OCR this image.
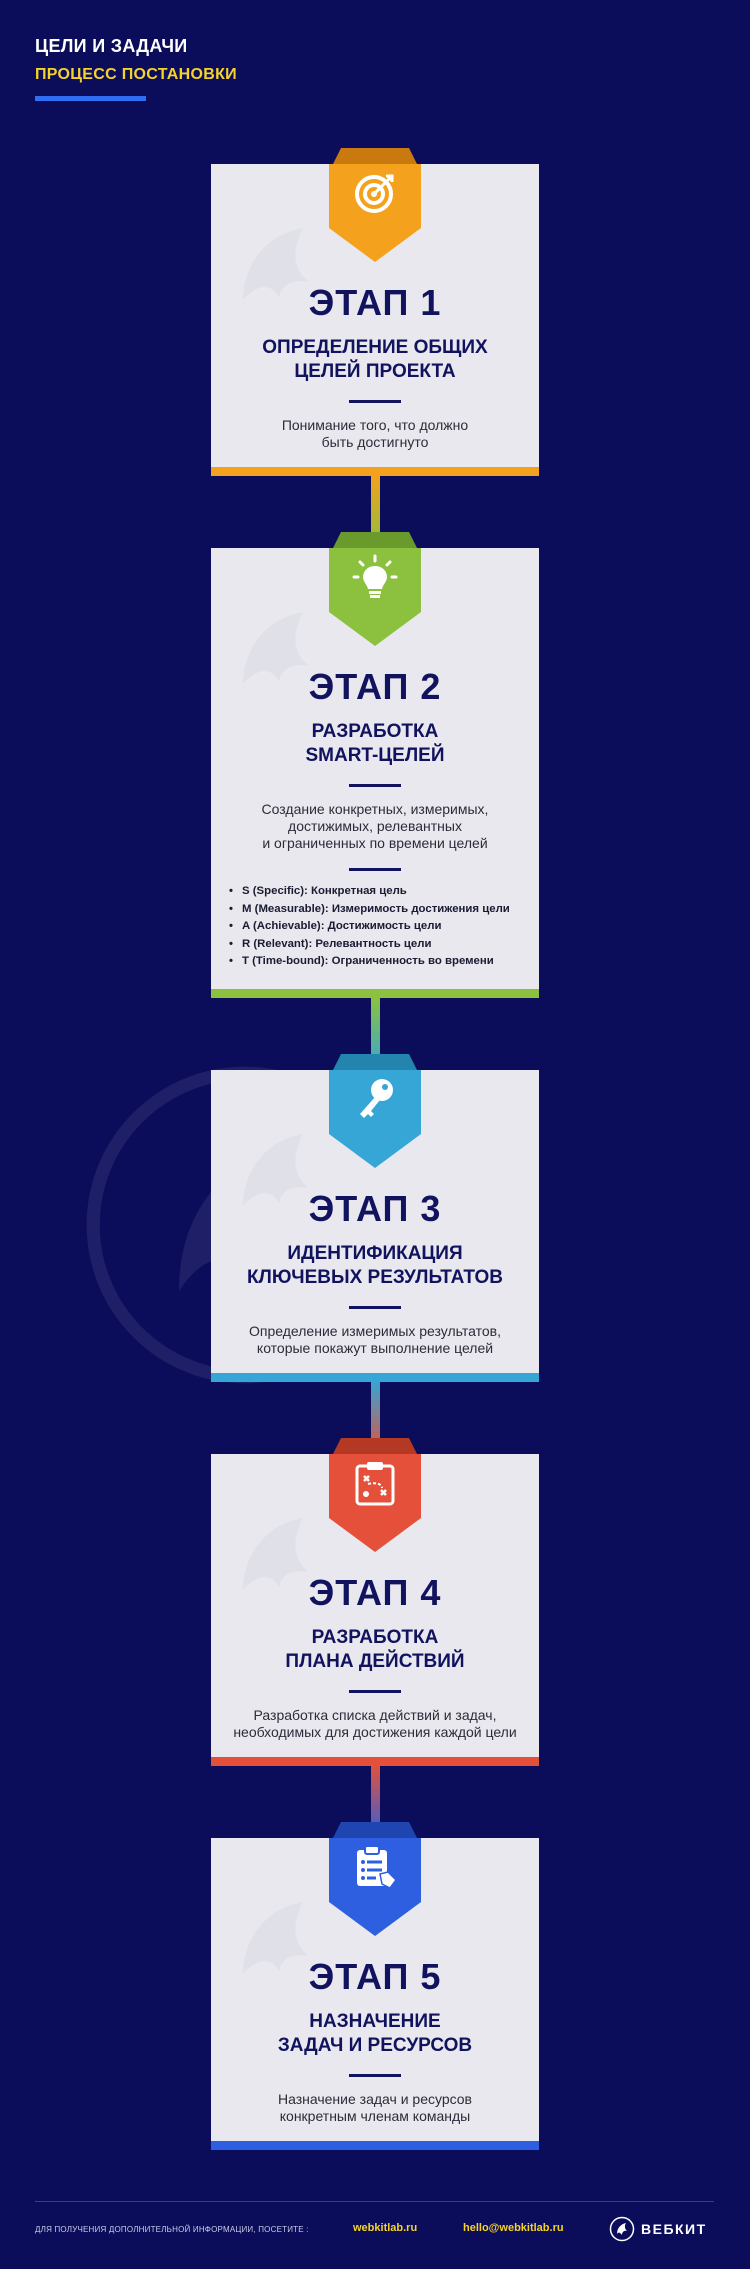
ЦЕЛИ И ЗАДАЧИ
ПРОЦЕСС ПОСТАНОВКИ
ЭТАП 1
ОПРЕДЕЛЕНИЕ ОБЩИХ
ЦЕЛЕЙ ПРОЕКТА
Понимание того, что должно
быть достигнуто
ЭТАП 2
РАЗРАБОТКА
SMART-ЦЕЛЕЙ
Создание конкретных, измеримых,
достижимых, релевантных
и ограниченных по времени целей
• S (Specific): Конкретная цель
• M (Measurable): Измеримость достижения цели
• A (Achievable): Достижимость цели
• R (Relevant): Релевантность цели
• T (Time-bound): Ограниченность во времени
ЭТАП 3
ИДЕНТИФИКАЦИЯ
КЛЮЧЕВЫХ РЕЗУЛЬТАТОВ
Определение измеримых результатов,
которые покажут выполнение целей
ЭТАП 4
РАЗРАБОТКА
ПЛАНА ДЕЙСТВИЙ
Разработка списка действий и задач,
необходимых для достижения каждой цели
ЭТАП 5
НАЗНАЧЕНИЕ
ЗАДАЧ И РЕСУРСОВ
Назначение задач и ресурсов
конкретным членам команды
ДЛЯ ПОЛУЧЕНИЯ ДОПОЛНИТЕЛЬНОЙ ИНФОРМАЦИИ, ПОСЕТИТЕ :	webkitlab.ru	hello@webkitlab.ru	ВЕБКИТ
